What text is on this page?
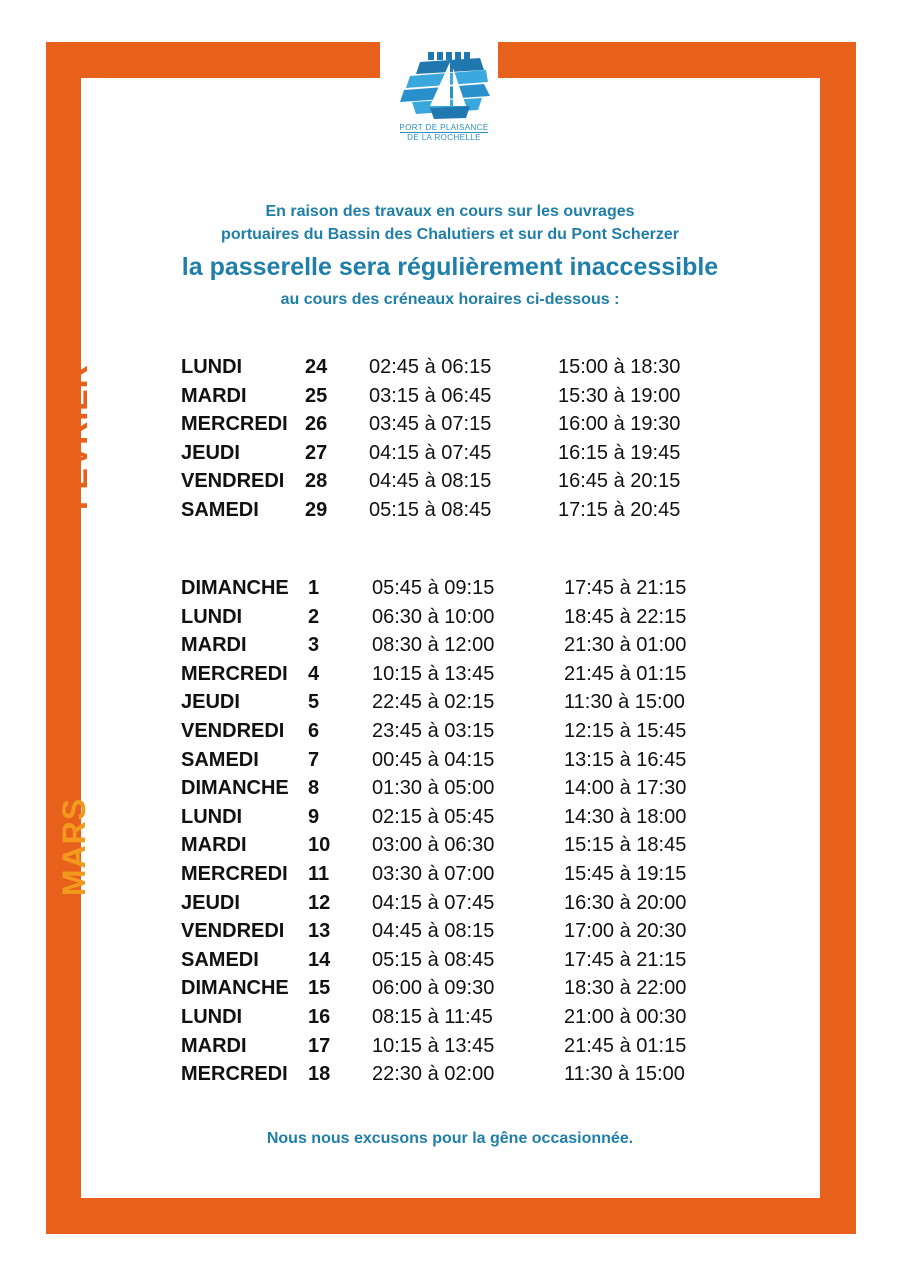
PORT DE PLAISANCE
DE LA ROCHELLE
En raison des travaux en cours sur les ouvrages
portuaires du Bassin des Chalutiers et sur du Pont Scherzer
la passerelle sera régulièrement inaccessible
au cours des créneaux horaires ci-dessous :
FÉVRIER
MARS
LUNDI	24 02:45 à 06:15	15:00 à 18:30
MARDI	25 03:15 à 06:45	15:30 à 19:00
MERCREDI 26 03:45 à 07:15	16:00 à 19:30
JEUDI	27 04:15 à 07:45	16:15 à 19:45
VENDREDI 28 04:45 à 08:15	16:45 à 20:15
SAMEDI 29 05:15 à 08:45	17:15 à 20:45
DIMANCHE 1	05:45 à 09:15	17:45 à 21:15
LUNDI	2	06:30 à 10:00	18:45 à 22:15
MARDI	3	08:30 à 12:00	21:30 à 01:00
MERCREDI 4	10:15 à 13:45	21:45 à 01:15
JEUDI	5	22:45 à 02:15	11:30 à 15:00
VENDREDI 6	23:45 à 03:15	12:15 à 15:45
SAMEDI 7	00:45 à 04:15	13:15 à 16:45
DIMANCHE 8	01:30 à 05:00	14:00 à 17:30
LUNDI	9	02:15 à 05:45	14:30 à 18:00
MARDI	10 03:00 à 06:30	15:15 à 18:45
MERCREDI 11 03:30 à 07:00	15:45 à 19:15
JEUDI	12 04:15 à 07:45	16:30 à 20:00
VENDREDI 13 04:45 à 08:15	17:00 à 20:30
SAMEDI 14 05:15 à 08:45	17:45 à 21:15
DIMANCHE 15 06:00 à 09:30	18:30 à 22:00
LUNDI	16 08:15 à 11:45	21:00 à 00:30
MARDI	17 10:15 à 13:45	21:45 à 01:15
MERCREDI 18 22:30 à 02:00	11:30 à 15:00
Nous nous excusons pour la gêne occasionnée.
